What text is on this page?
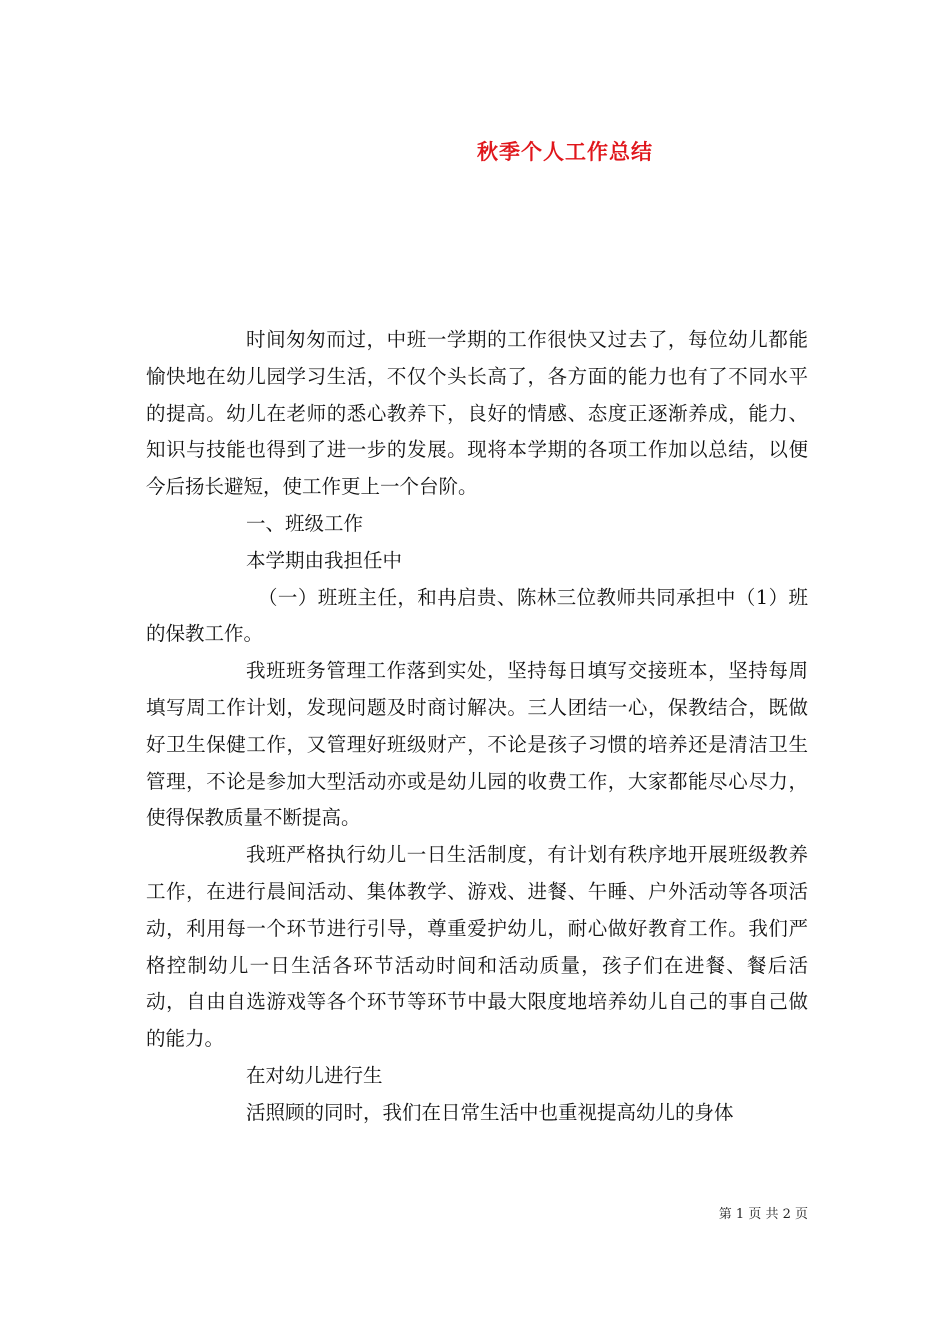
秋季个人工作总结

时间匆匆而过，中班一学期的工作很快又过去了，每位幼儿都能愉快地在幼儿园学习生活，不仅个头长高了，各方面的能力也有了不同水平的提高。幼儿在老师的悉心教养下，良好的情感、态度正逐渐养成，能力、知识与技能也得到了进一步的发展。现将本学期的各项工作加以总结，以便今后扬长避短，使工作更上一个台阶。

一、班级工作

本学期由我担任中

（一）班班主任，和冉启贵、陈林三位教师共同承担中（1）班的保教工作。

我班班务管理工作落到实处，坚持每日填写交接班本，坚持每周填写周工作计划，发现问题及时商讨解决。三人团结一心，保教结合，既做好卫生保健工作，又管理好班级财产，不论是孩子习惯的培养还是清洁卫生管理，不论是参加大型活动亦或是幼儿园的收费工作，大家都能尽心尽力，使得保教质量不断提高。

我班严格执行幼儿一日生活制度，有计划有秩序地开展班级教养工作，在进行晨间活动、集体教学、游戏、进餐、午睡、户外活动等各项活动，利用每一个环节进行引导，尊重爱护幼儿，耐心做好教育工作。我们严格控制幼儿一日生活各环节活动时间和活动质量，孩子们在进餐、餐后活动，自由自选游戏等各个环节等环节中最大限度地培养幼儿自己的事自己做的能力。

在对幼儿进行生

活照顾的同时，我们在日常生活中也重视提高幼儿的身体

第 1 页 共 2 页
